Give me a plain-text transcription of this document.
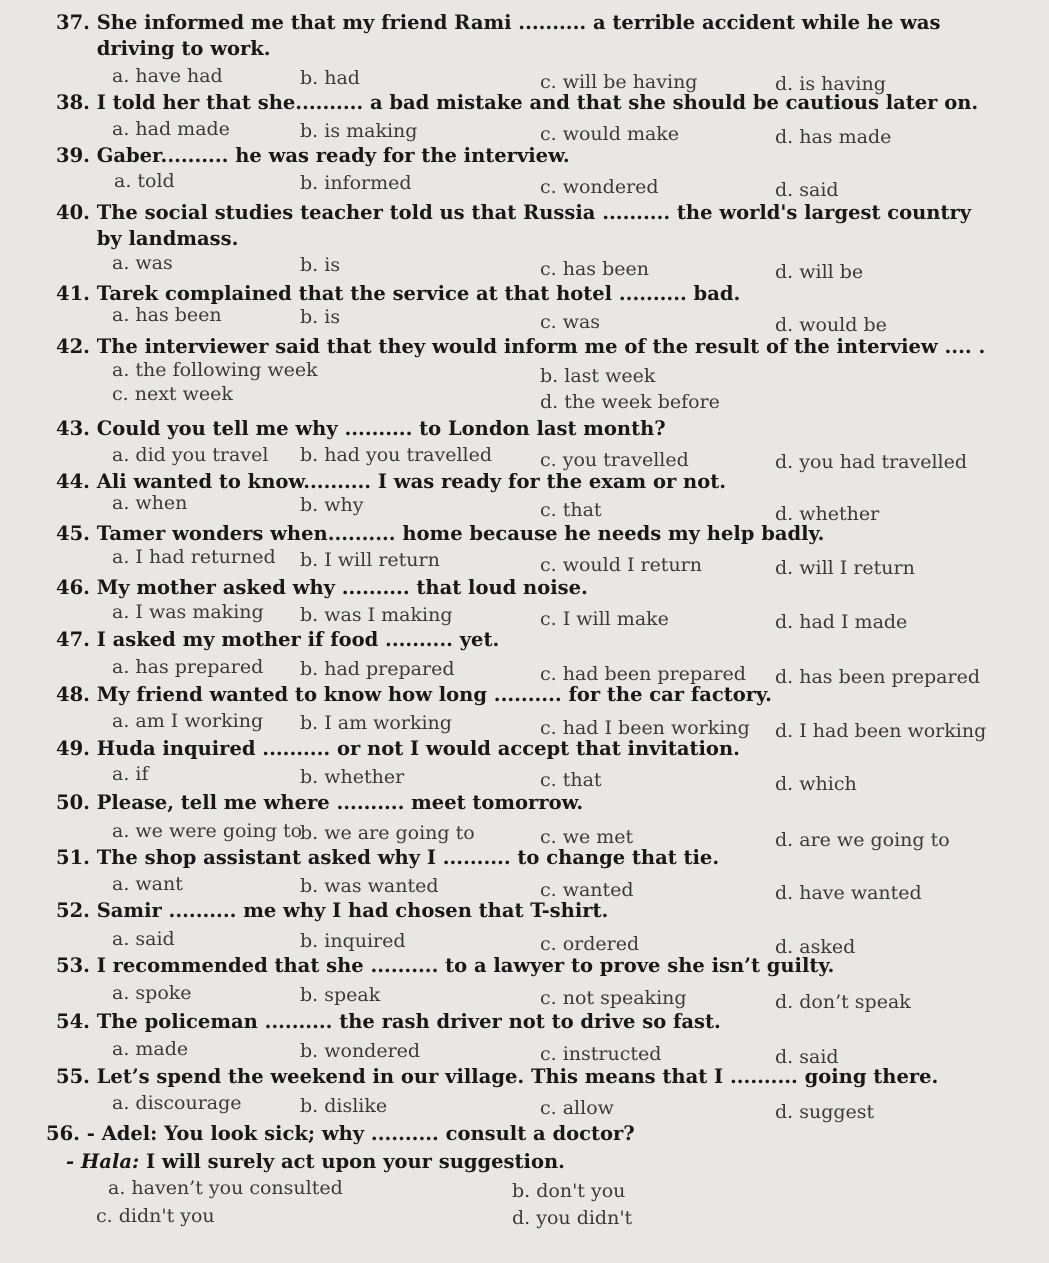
37. She informed me that my friend Rami .......... a terrible accident while he was
driving to work.
a. have had	b. had	c. will be having	d. is having
38. I told her that she.......... a bad mistake and that she should be cautious later on.
a. had made	b. is making	c. would make	d. has made
39. Gaber.......... he was ready for the interview.
a. told	b. informed	c. wondered	d. said
40. The social studies teacher told us that Russia .......... the world's largest country
by landmass.
a. was	b. is	c. has been	d. will be
41. Tarek complained that the service at that hotel .......... bad.
a. has been	b. is	c. was	d. would be
42. The interviewer said that they would inform me of the result of the interview .... .
a. the following week	b. last week
c. next week	d. the week before
43. Could you tell me why .......... to London last month?
a. did you travel b. had you travelled	c. you travelled	d. you had travelled
44. Ali wanted to know.......... I was ready for the exam or not.
a. when	b. why	c. that	d. whether
45. Tamer wonders when.......... home because he needs my help badly.
a. I had returned b. I will return	c. would I return	d. will I return
46. My mother asked why .......... that loud noise.
a. I was making b. was I making	c. I will make	d. had I made
47. I asked my mother if food .......... yet.
a. has prepared b. had prepared	c. had been prepared d. has been prepared
48. My friend wanted to know how long .......... for the car factory.
a. am I working b. I am working	c. had I been working d. I had been working
49. Huda inquired .......... or not I would accept that invitation.
a. if	b. whether	c. that	d. which
50. Please, tell me where .......... meet tomorrow.
a. we were going to
b. we are going to	c. we met	d. are we going to
51. The shop assistant asked why I .......... to change that tie.
a. want	b. was wanted	c. wanted	d. have wanted
52. Samir .......... me why I had chosen that T-shirt.
a. said	b. inquired	c. ordered	d. asked
53. I recommended that she .......... to a lawyer to prove she isn’t guilty.
a. spoke	b. speak	c. not speaking	d. don’t speak
54. The policeman .......... the rash driver not to drive so fast.
a. made	b. wondered	c. instructed	d. said
55. Let’s spend the weekend in our village. This means that I .......... going there.
a. discourage	b. dislike	c. allow	d. suggest
56. - Adel: You look sick; why .......... consult a doctor?
- Hala: I will surely act upon your suggestion.
a. haven’t you consulted	b. don't you
c. didn't you	d. you didn't
